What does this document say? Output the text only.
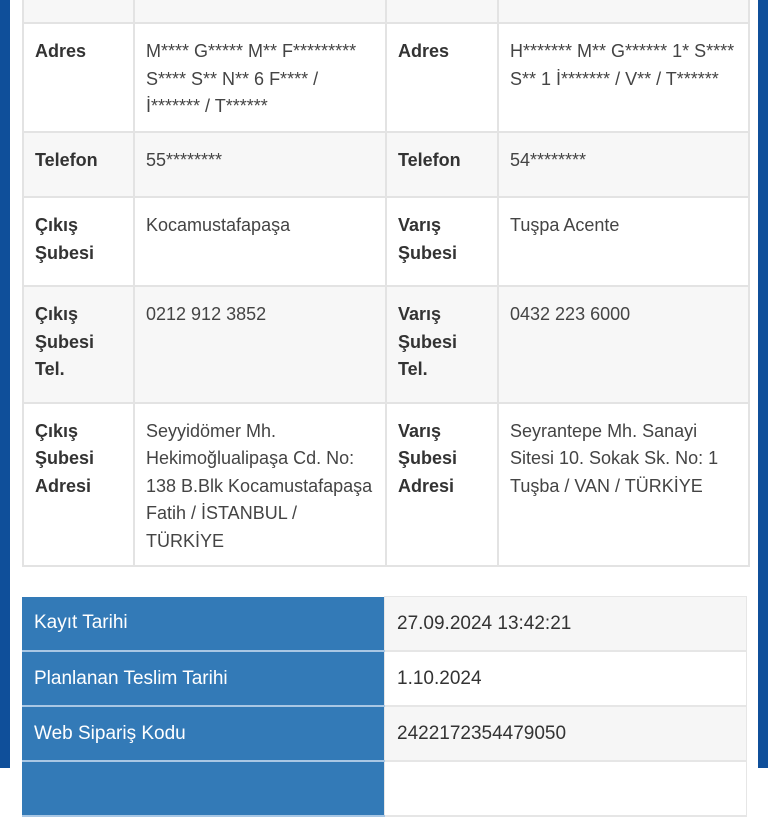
Adres	M**** G***** M** F********* S**** S** N** 6 F**** / İ******* / T******	Adres	H******* M** G****** 1* S**** S** 1 İ******* / V** / T******
Telefon	55********	Telefon	54********
Çıkış Şubesi	Kocamustafapaşa	Varış Şubesi	Tuşpa Acente
Çıkış Şubesi Tel.	0212 912 3852	Varış Şubesi Tel.	0432 223 6000
Çıkış Şubesi Adresi	Seyyidömer Mh. Hekimoğlualipaşa Cd. No: 138 B.Blk Kocamustafapaşa Fatih / İSTANBUL / TÜRKİYE	Varış Şubesi Adresi	Seyrantepe Mh. Sanayi Sitesi 10. Sokak Sk. No: 1 Tuşba / VAN / TÜRKİYE
Kayıt Tarihi	27.09.2024 13:42:21
Planlanan Teslim Tarihi	1.10.2024
Web Sipariş Kodu	2422172354479050
